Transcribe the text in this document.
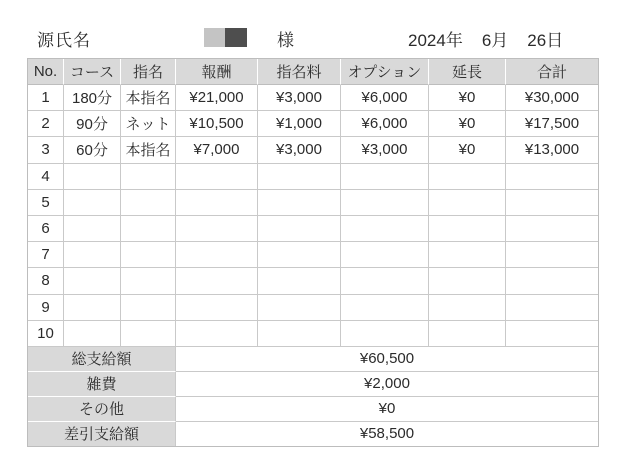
源氏名	様	2024年 6月 26日
No.	コース	指名	報酬	指名料	オプション	延長	合計
1	180分	本指名	¥21,000	¥3,000	¥6,000	¥0	¥30,000
2	90分	ネット	¥10,500	¥1,000	¥6,000	¥0	¥17,500
3	60分	本指名	¥7,000	¥3,000	¥3,000	¥0	¥13,000
4							
5							
6							
7							
8							
9							
10							
総支給額			¥60,500				
雑費			¥2,000				
その他			¥0				
差引支給額			¥58,500				
